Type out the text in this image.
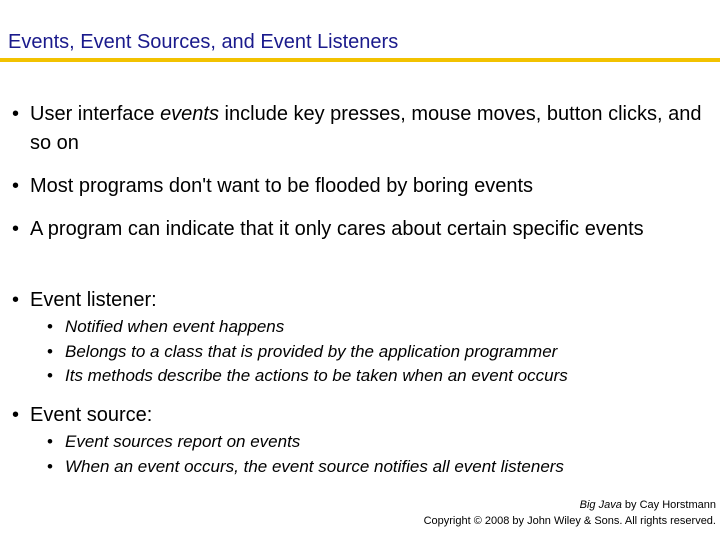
Events, Event Sources, and Event Listeners
• User interface events include key presses, mouse moves, button clicks, and so on
• Most programs don't want to be flooded by boring events
• A program can indicate that it only cares about certain specific events
• Event listener:
• Notified when event happens
• Belongs to a class that is provided by the application programmer
• Its methods describe the actions to be taken when an event occurs
• Event source:
• Event sources report on events
• When an event occurs, the event source notifies all event listeners
Big Java by Cay Horstmann
Copyright © 2008 by John Wiley & Sons. All rights reserved.
